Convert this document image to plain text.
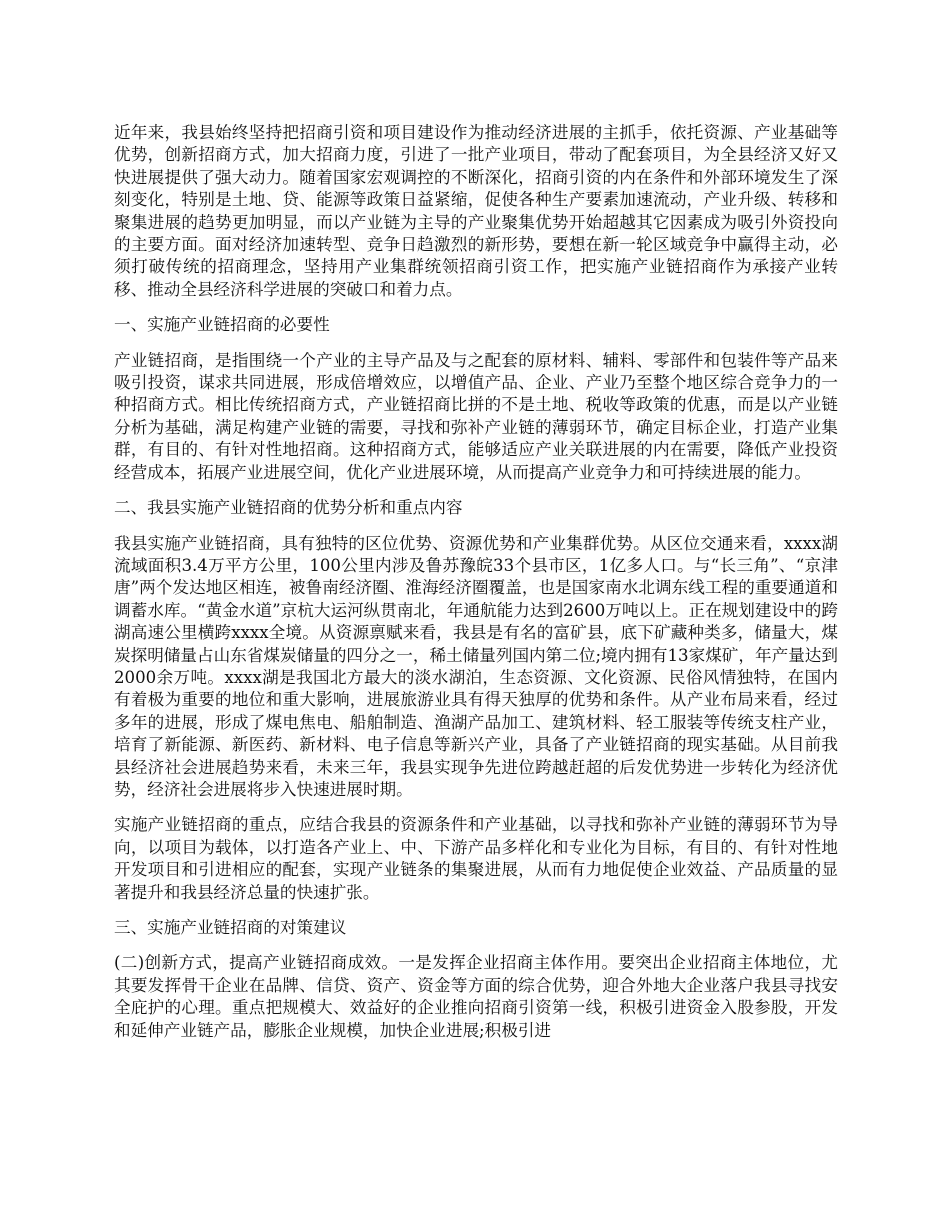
近年来，我县始终坚持把招商引资和项目建设作为推动经济进展的主抓手，依托资源、产业基础等优势，创新招商方式，加大招商力度，引进了一批产业项目，带动了配套项目，为全县经济又好又快进展提供了强大动力。随着国家宏观调控的不断深化，招商引资的内在条件和外部环境发生了深刻变化，特别是土地、贷、能源等政策日益紧缩，促使各种生产要素加速流动，产业升级、转移和聚集进展的趋势更加明显，而以产业链为主导的产业聚集优势开始超越其它因素成为吸引外资投向的主要方面。面对经济加速转型、竞争日趋激烈的新形势，要想在新一轮区域竞争中赢得主动，必须打破传统的招商理念，坚持用产业集群统领招商引资工作，把实施产业链招商作为承接产业转移、推动全县经济科学进展的突破口和着力点。

一、实施产业链招商的必要性

产业链招商，是指围绕一个产业的主导产品及与之配套的原材料、辅料、零部件和包装件等产品来吸引投资，谋求共同进展，形成倍增效应，以增值产品、企业、产业乃至整个地区综合竞争力的一种招商方式。相比传统招商方式，产业链招商比拼的不是土地、税收等政策的优惠，而是以产业链分析为基础，满足构建产业链的需要，寻找和弥补产业链的薄弱环节，确定目标企业，打造产业集群，有目的、有针对性地招商。这种招商方式，能够适应产业关联进展的内在需要，降低产业投资经营成本，拓展产业进展空间，优化产业进展环境，从而提高产业竞争力和可持续进展的能力。

二、我县实施产业链招商的优势分析和重点内容

我县实施产业链招商，具有独特的区位优势、资源优势和产业集群优势。从区位交通来看，xxxx湖流域面积3.4万平方公里，100公里内涉及鲁苏豫皖33个县市区，1亿多人口。与“长三角”、“京津唐”两个发达地区相连，被鲁南经济圈、淮海经济圈覆盖，也是国家南水北调东线工程的重要通道和调蓄水库。“黄金水道”京杭大运河纵贯南北，年通航能力达到2600万吨以上。正在规划建设中的跨湖高速公里横跨xxxx全境。从资源禀赋来看，我县是有名的富矿县，底下矿藏种类多，储量大，煤炭探明储量占山东省煤炭储量的四分之一，稀土储量列国内第二位;境内拥有13家煤矿，年产量达到2000余万吨。xxxx湖是我国北方最大的淡水湖泊，生态资源、文化资源、民俗风情独特，在国内有着极为重要的地位和重大影响，进展旅游业具有得天独厚的优势和条件。从产业布局来看，经过多年的进展，形成了煤电焦电、船舶制造、渔湖产品加工、建筑材料、轻工服装等传统支柱产业，培育了新能源、新医药、新材料、电子信息等新兴产业，具备了产业链招商的现实基础。从目前我县经济社会进展趋势来看，未来三年，我县实现争先进位跨越赶超的后发优势进一步转化为经济优势，经济社会进展将步入快速进展时期。

实施产业链招商的重点，应结合我县的资源条件和产业基础，以寻找和弥补产业链的薄弱环节为导向，以项目为载体，以打造各产业上、中、下游产品多样化和专业化为目标，有目的、有针对性地开发项目和引进相应的配套，实现产业链条的集聚进展，从而有力地促使企业效益、产品质量的显著提升和我县经济总量的快速扩张。

三、实施产业链招商的对策建议

(二)创新方式，提高产业链招商成效。一是发挥企业招商主体作用。要突出企业招商主体地位，尤其要发挥骨干企业在品牌、信贷、资产、资金等方面的综合优势，迎合外地大企业落户我县寻找安全庇护的心理。重点把规模大、效益好的企业推向招商引资第一线，积极引进资金入股参股，开发和延伸产业链产品，膨胀企业规模，加快企业进展;积极引进
